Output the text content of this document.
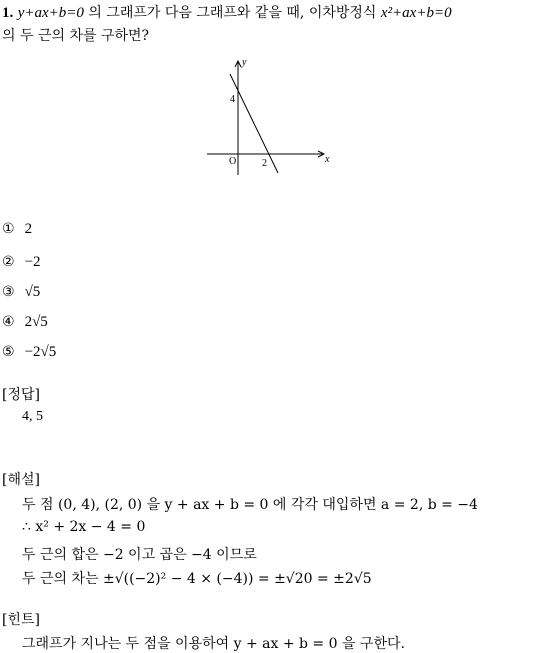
1. y+ax+b=0 의 그래프가 다음 그래프와 같을 때, 이차방정식 x²+ax+b=0
의 두 근의 차를 구하면?
x
y
O
4
2
① 2
② −2
③ √5
④ 2√5
⑤ −2√5
[정답]
4, 5
[해설]
두 점 (0, 4), (2, 0) 을 y + ax + b = 0 에 각각 대입하면 a = 2, b = −4
∴ x² + 2x − 4 = 0
두 근의 합은 −2 이고 곱은 −4 이므로
두 근의 차는 ±√((−2)² − 4 × (−4)) = ±√20 = ±2√5
[힌트]
그래프가 지나는 두 점을 이용하여 y + ax + b = 0 을 구한다.
